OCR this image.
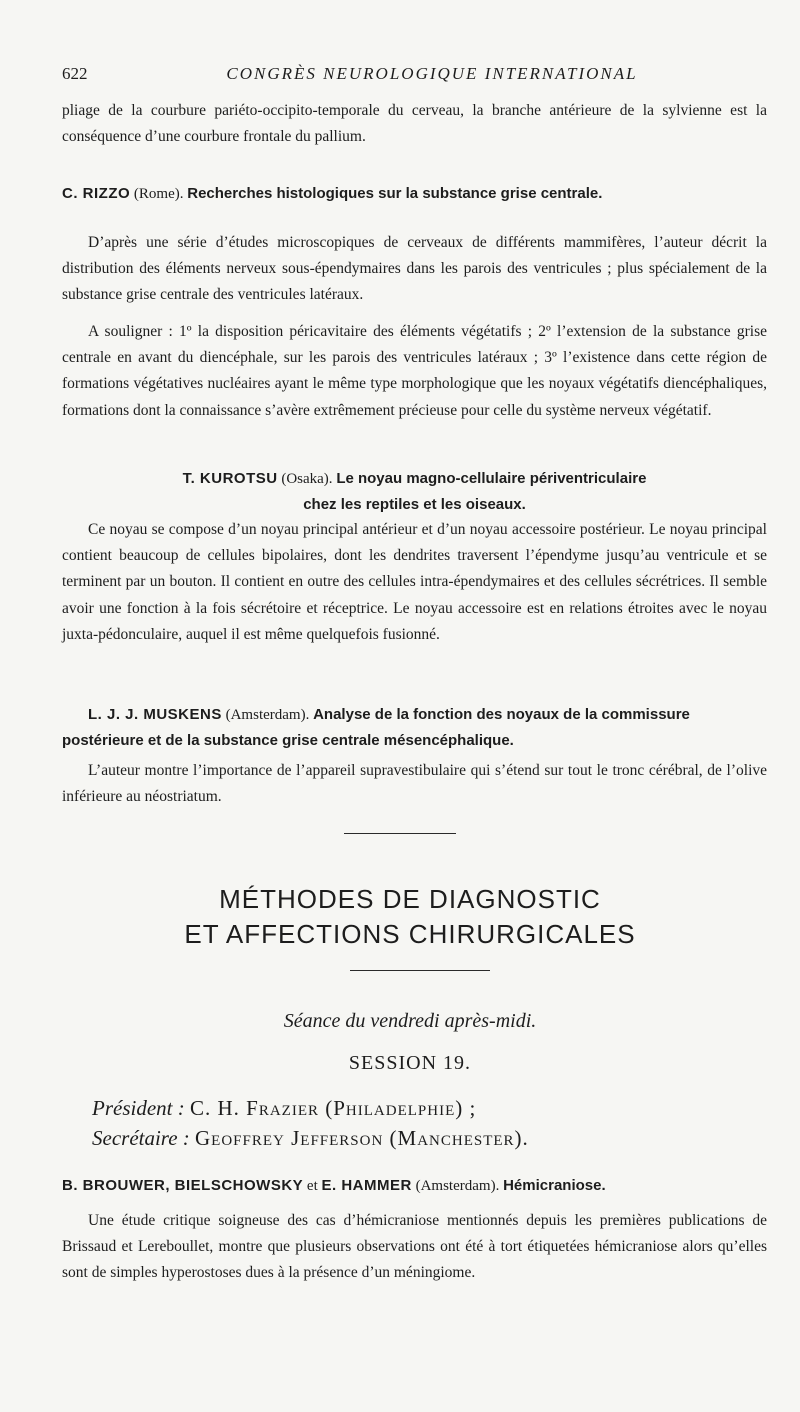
622	CONGRÈS NEUROLOGIQUE INTERNATIONAL

pliage de la courbure pariéto-occipito-temporale du cerveau, la branche antérieure de la sylvienne est la conséquence d’une courbure frontale du pallium.

C. RIZZO (Rome). Recherches histologiques sur la substance grise centrale.

D’après une série d’études microscopiques de cerveaux de différents mammifères, l’auteur décrit la distribution des éléments nerveux sous-épendymaires dans les parois des ventricules ; plus spécialement de la substance grise centrale des ventricules latéraux.

A souligner : 1º la disposition péricavitaire des éléments végétatifs ; 2º l’extension de la substance grise centrale en avant du diencéphale, sur les parois des ventricules latéraux ; 3º l’existence dans cette région de formations végétatives nucléaires ayant le même type morphologique que les noyaux végétatifs diencéphaliques, formations dont la connaissance s’avère extrêmement précieuse pour celle du système nerveux végétatif.

T. KUROTSU (Osaka). Le noyau magno-cellulaire périventriculaire
chez les reptiles et les oiseaux.

Ce noyau se compose d’un noyau principal antérieur et d’un noyau accessoire postérieur. Le noyau principal contient beaucoup de cellules bipolaires, dont les dendrites traversent l’épendyme jusqu’au ventricule et se terminent par un bouton. Il contient en outre des cellules intra-épendymaires et des cellules sécrétrices. Il semble avoir une fonction à la fois sécrétoire et réceptrice. Le noyau accessoire est en relations étroites avec le noyau juxta-pédonculaire, auquel il est même quelquefois fusionné.

L. J. J. MUSKENS (Amsterdam). Analyse de la fonction des noyaux de la commissure postérieure et de la substance grise centrale mésencéphalique.

L’auteur montre l’importance de l’appareil supravestibulaire qui s’étend sur tout le tronc cérébral, de l’olive inférieure au néostriatum.

MÉTHODES DE DIAGNOSTIC
ET AFFECTIONS CHIRURGICALES
Séance du vendredi après-midi.
SESSION 19.
Président : C. H. Frazier (Philadelphie) ;
Secrétaire : Geoffrey Jefferson (Manchester).
B. BROUWER, BIELSCHOWSKY et E. HAMMER (Amsterdam). Hémicraniose.

Une étude critique soigneuse des cas d’hémicraniose mentionnés depuis les premières publications de Brissaud et Lereboullet, montre que plusieurs observations ont été à tort étiquetées hémicraniose alors qu’elles sont de simples hyperostoses dues à la présence d’un méningiome.
